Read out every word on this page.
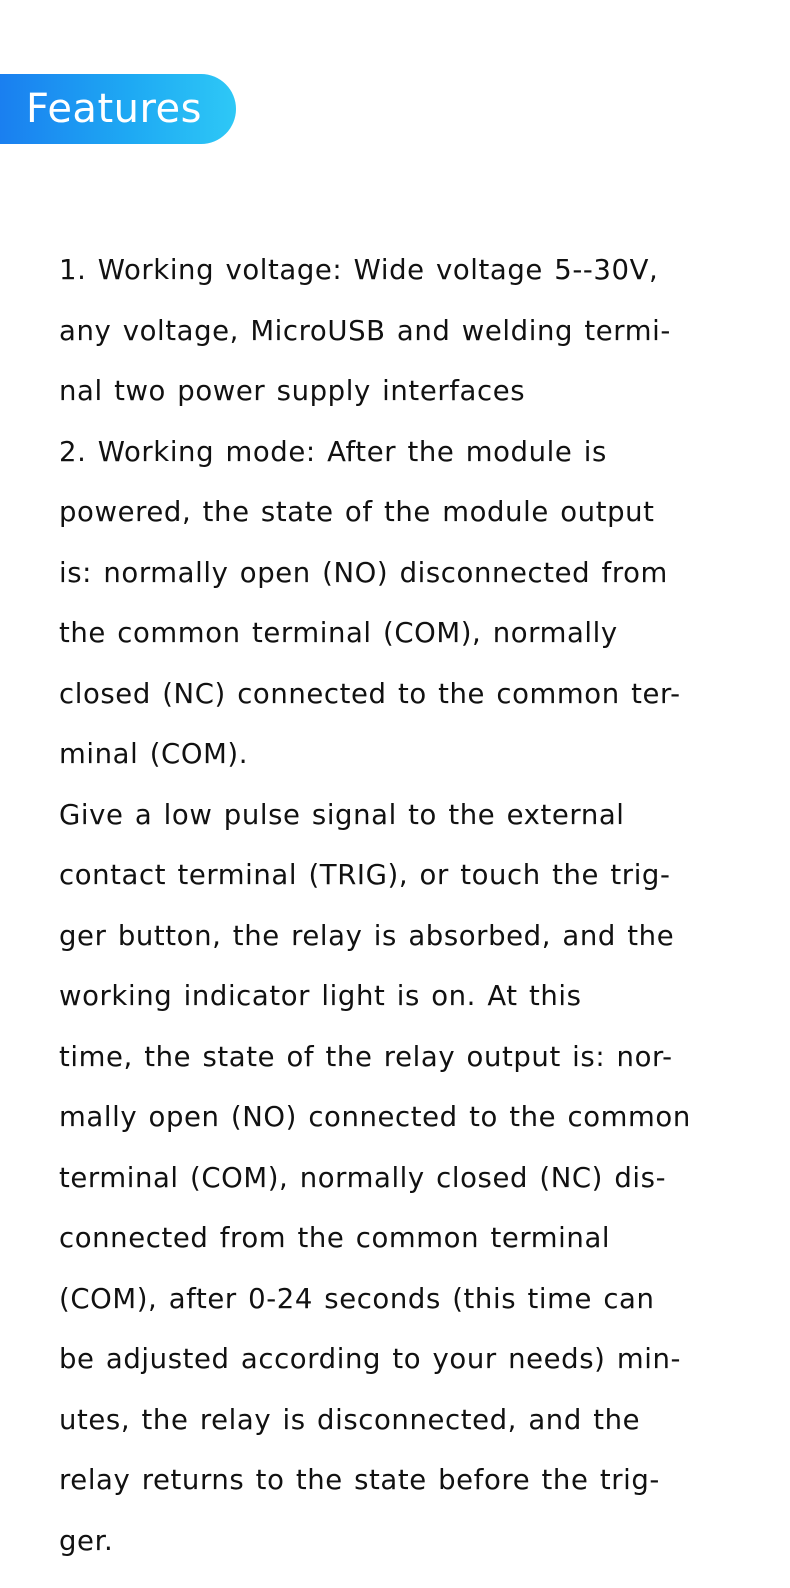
Features
1. Working voltage: Wide voltage 5--30V,
any voltage, MicroUSB and welding termi-
nal two power supply interfaces
2. Working mode: After the module is
powered, the state of the module output
is: normally open (NO) disconnected from
the common terminal (COM), normally
closed (NC) connected to the common ter-
minal (COM).
Give a low pulse signal to the external
contact terminal (TRIG), or touch the trig-
ger button, the relay is absorbed, and the
working indicator light is on. At this
time, the state of the relay output is: nor-
mally open (NO) connected to the common
terminal (COM), normally closed (NC) dis-
connected from the common terminal
(COM), after 0-24 seconds (this time can
be adjusted according to your needs) min-
utes, the relay is disconnected, and the
relay returns to the state before the trig-
ger.
